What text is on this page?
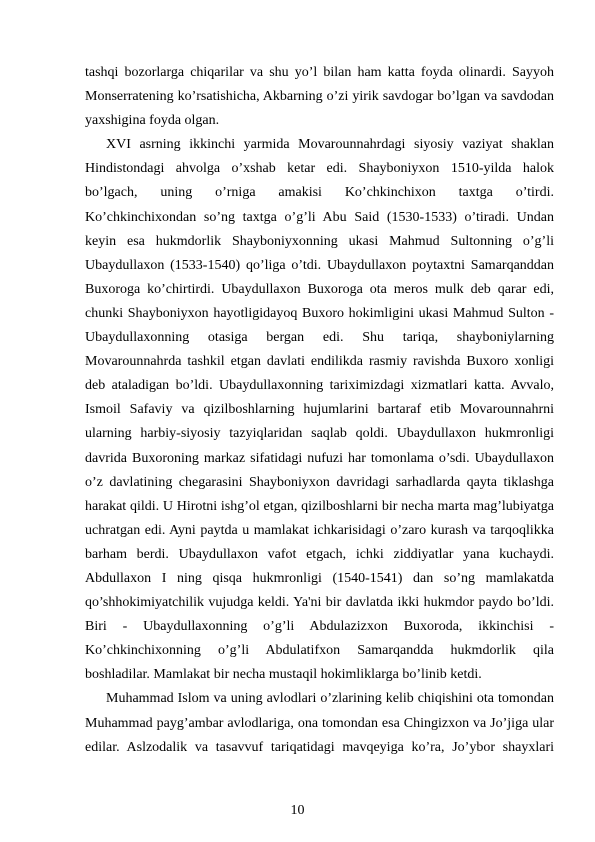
tashqi bozorlarga chiqarilar va shu yo’l bilan ham katta foyda olinardi. Sayyoh
Monserratening ko’rsatishicha, Akbarning o’zi yirik savdogar bo’lgan va savdodan
yaxshigina foyda olgan.
XVI asrning ikkinchi yarmida Movarounnahrdagi siyosiy vaziyat shaklan
Hindistondagi ahvolga o’xshab ketar edi. Shayboniyxon 1510-yilda halok
bo’lgach, uning o’rniga amakisi Ko’chkinchixon taxtga o’tirdi.
Ko’chkinchixondan so’ng taxtga o’g’li Abu Said (1530-1533) o’tiradi. Undan
keyin esa hukmdorlik Shayboniyxonning ukasi Mahmud Sultonning o’g’li
Ubaydullaxon (1533-1540) qo’liga o’tdi. Ubaydullaxon poytaxtni Samarqanddan
Buxoroga ko’chirtirdi. Ubaydullaxon Buxoroga ota meros mulk deb qarar edi,
chunki Shayboniyxon hayotligidayoq Buxoro hokimligini ukasi Mahmud Sulton -
Ubaydullaxonning otasiga bergan edi. Shu tariqa, shayboniylarning
Movarounnahrda tashkil etgan davlati endilikda rasmiy ravishda Buxoro xonligi
deb ataladigan bo’ldi. Ubaydullaxonning tariximizdagi xizmatlari katta. Avvalo,
Ismoil Safaviy va qizilboshlarning hujumlarini bartaraf etib Movarounnahrni
ularning harbiy-siyosiy tazyiqlaridan saqlab qoldi. Ubaydullaxon hukmronligi
davrida Buxoroning markaz sifatidagi nufuzi har tomonlama o’sdi. Ubaydullaxon
o’z davlatining chegarasini Shayboniyxon davridagi sarhadlarda qayta tiklashga
harakat qildi. U Hirotni ishg’ol etgan, qizilboshlarni bir necha marta mag’lubiyatga
uchratgan edi. Ayni paytda u mamlakat ichkarisidagi o’zaro kurash va tarqoqlikka
barham berdi. Ubaydullaxon vafot etgach, ichki ziddiyatlar yana kuchaydi.
Abdullaxon I ning qisqa hukmronligi (1540-1541) dan so’ng mamlakatda
qo’shhokimiyatchilik vujudga keldi. Ya'ni bir davlatda ikki hukmdor paydo bo’ldi.
Biri - Ubaydullaxonning o’g’li Abdulazizxon Buxoroda, ikkinchisi -
Ko’chkinchixonning o’g’li Abdulatifxon Samarqandda hukmdorlik qila
boshladilar. Mamlakat bir necha mustaqil hokimliklarga bo’linib ketdi.
Muhammad Islom va uning avlodlari o’zlarining kelib chiqishini ota tomondan
Muhammad payg’ambar avlodlariga, ona tomondan esa Chingizxon va Jo’jiga ular
edilar. Aslzodalik va tasavvuf tariqatidagi mavqeyiga ko’ra, Jo’ybor shayxlari
10
